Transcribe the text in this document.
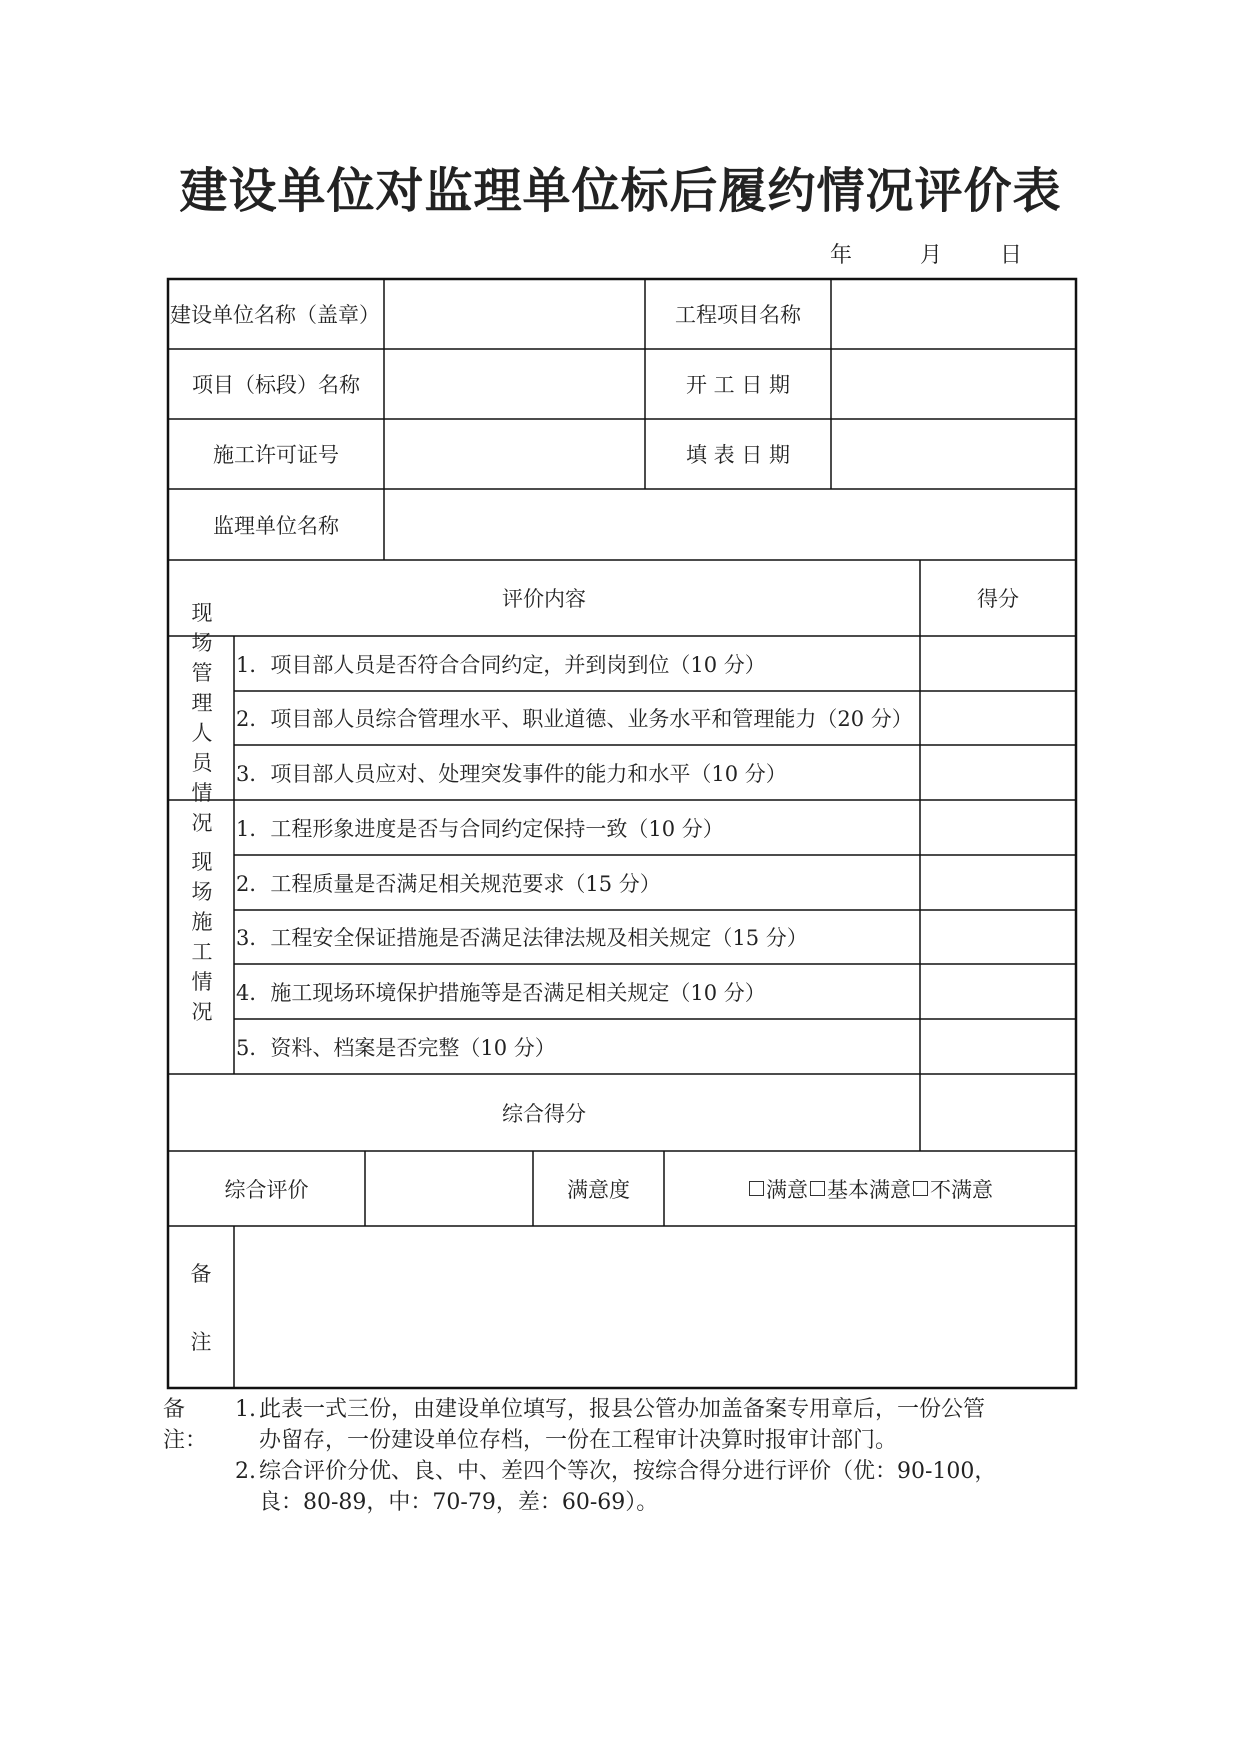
建设单位对监理单位标后履约情况评价表
年	月	日
建设单位名称（盖章）	工程项目名称
项目（标段）名称	开 工 日 期
施工许可证号	填 表 日 期
监理单位名称
评价内容	得分
现场管理人员情况
1．项目部人员是否符合合同约定，并到岗到位（10 分）
2．项目部人员综合管理水平、职业道德、业务水平和管理能力（20 分）
3．项目部人员应对、处理突发事件的能力和水平（10 分）
现场施工情况
1．工程形象进度是否与合同约定保持一致（10 分）
2．工程质量是否满足相关规范要求（15 分）
3．工程安全保证措施是否满足法律法规及相关规定（15 分）
4．施工现场环境保护措施等是否满足相关规定（10 分）
5．资料、档案是否完整（10 分）
综合得分
综合评价	满意度	满意 基本满意 不满意
备
注
备注：
1. 此表一式三份，由建设单位填写，报县公管办加盖备案专用章后，一份公管
办留存，一份建设单位存档，一份在工程审计决算时报审计部门。
2. 综合评价分优、良、中、差四个等次，按综合得分进行评价（优：90-100，
良：80-89，中：70-79，差：60-69）。
